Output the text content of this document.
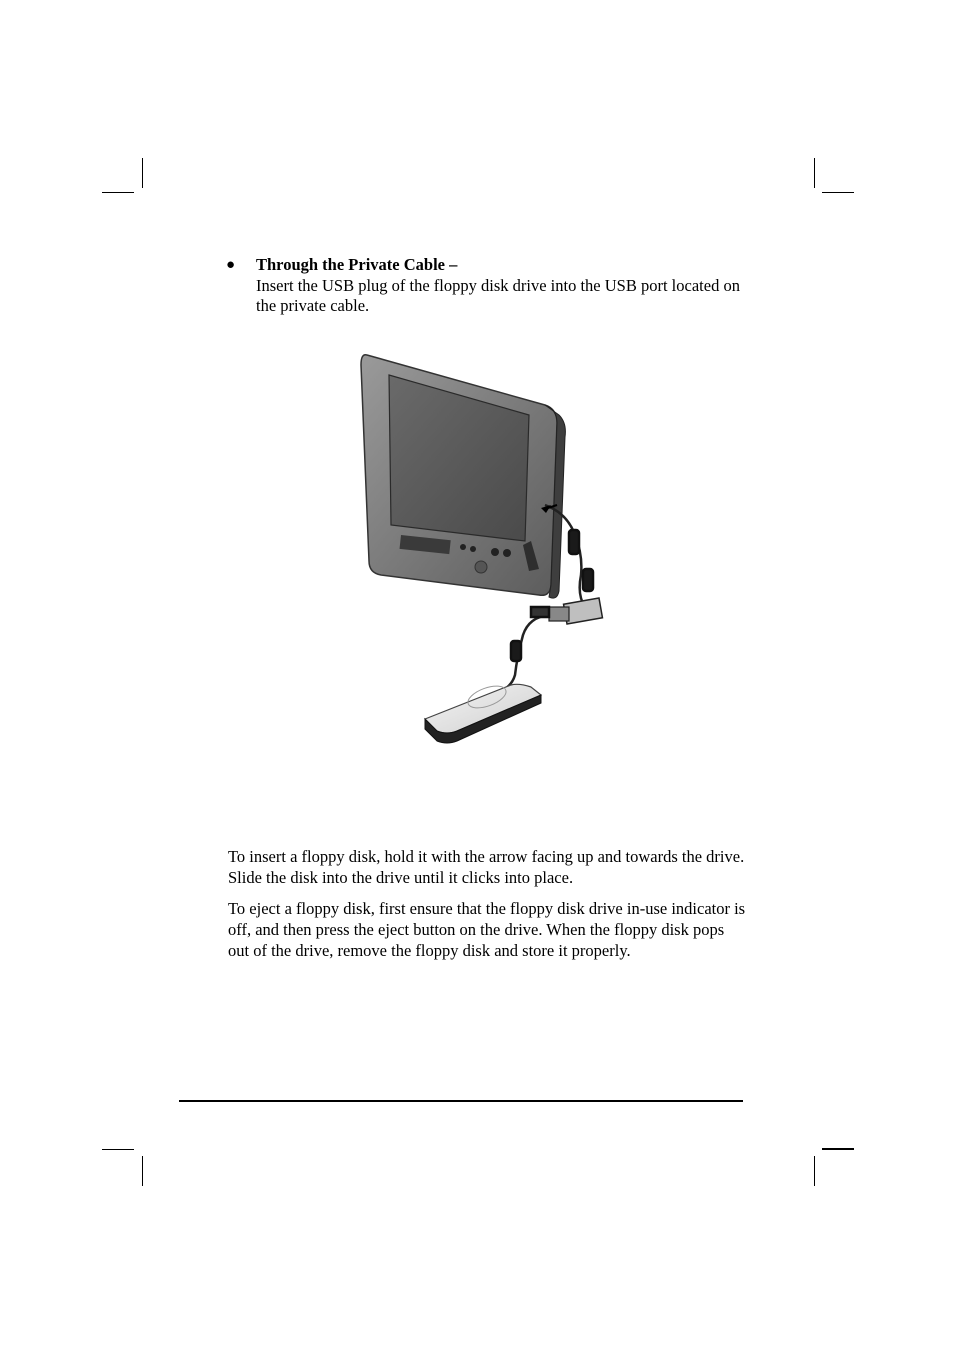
● Through the Private Cable –
Insert the USB plug of the floppy disk drive into the USB port located on the private cable.

To insert a floppy disk, hold it with the arrow facing up and towards the drive. Slide the disk into the drive until it clicks into place.

To eject a floppy disk, first ensure that the floppy disk drive in-use indicator is off, and then press the eject button on the drive. When the floppy disk pops out of the drive, remove the floppy disk and store it properly.
